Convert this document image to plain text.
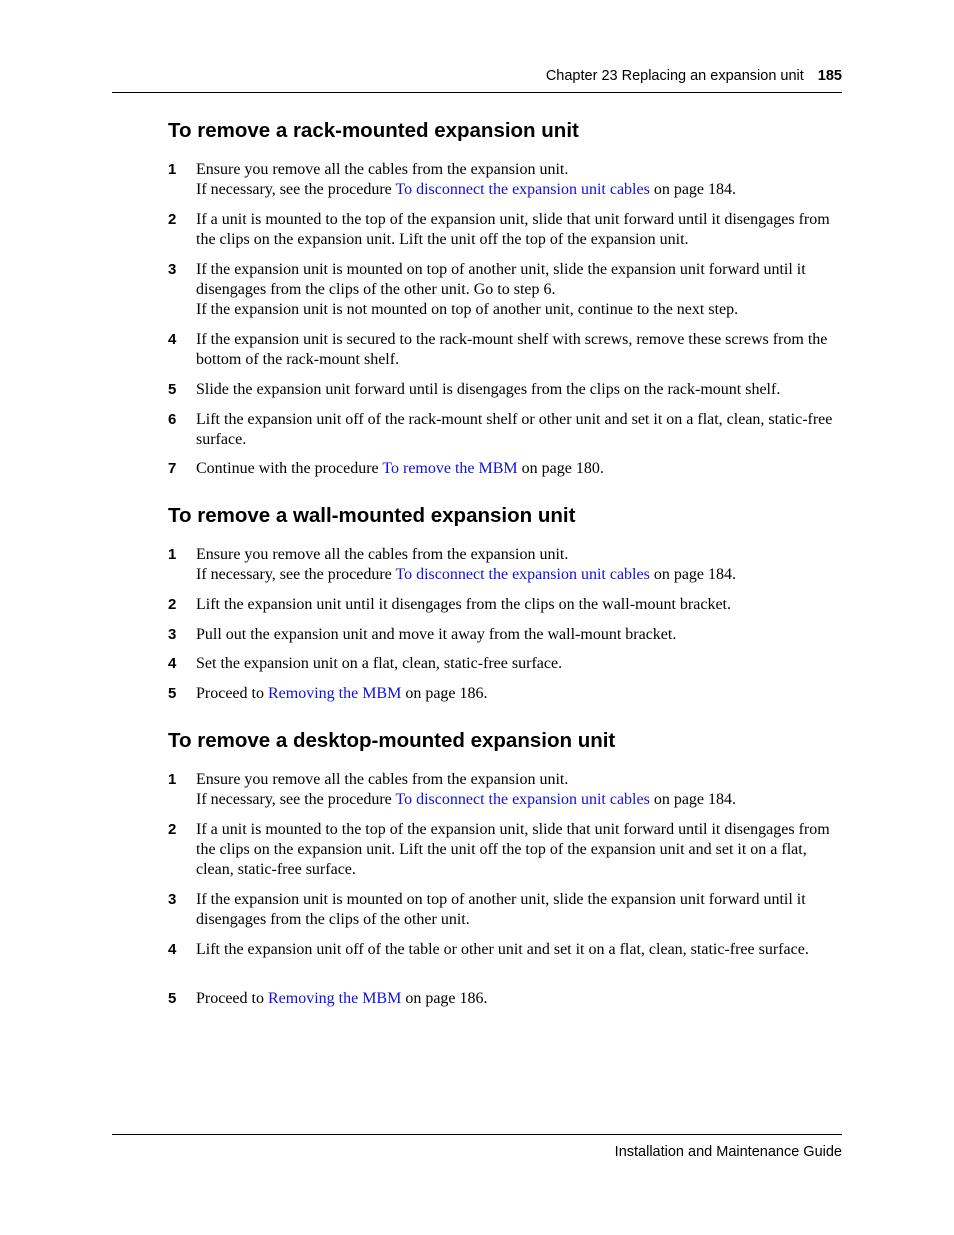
Chapter 23 Replacing an expansion unit 185
To remove a rack-mounted expansion unit
1 Ensure you remove all the cables from the expansion unit.

If necessary, see the procedure To disconnect the expansion unit cables on page 184.

2 If a unit is mounted to the top of the expansion unit, slide that unit forward until it disengages from the clips on the expansion unit. Lift the unit off the top of the expansion unit.
3 If the expansion unit is mounted on top of another unit, slide the expansion unit forward until it disengages from the clips of the other unit. Go to step 6.

If the expansion unit is not mounted on top of another unit, continue to the next step.

4 If the expansion unit is secured to the rack-mount shelf with screws, remove these screws from the bottom of the rack-mount shelf.
5 Slide the expansion unit forward until is disengages from the clips on the rack-mount shelf.
6 Lift the expansion unit off of the rack-mount shelf or other unit and set it on a flat, clean, static-free surface.
7 Continue with the procedure To remove the MBM on page 180.
To remove a wall-mounted expansion unit
1 Ensure you remove all the cables from the expansion unit.

If necessary, see the procedure To disconnect the expansion unit cables on page 184.

2 Lift the expansion unit until it disengages from the clips on the wall-mount bracket.
3 Pull out the expansion unit and move it away from the wall-mount bracket.
4 Set the expansion unit on a flat, clean, static-free surface.
5 Proceed to Removing the MBM on page 186.
To remove a desktop-mounted expansion unit
1 Ensure you remove all the cables from the expansion unit.

If necessary, see the procedure To disconnect the expansion unit cables on page 184.

2 If a unit is mounted to the top of the expansion unit, slide that unit forward until it disengages from the clips on the expansion unit. Lift the unit off the top of the expansion unit and set it on a flat, clean, static-free surface.
3 If the expansion unit is mounted on top of another unit, slide the expansion unit forward until it disengages from the clips of the other unit.
4 Lift the expansion unit off of the table or other unit and set it on a flat, clean, static-free surface.
5 Proceed to Removing the MBM on page 186.
Installation and Maintenance Guide
